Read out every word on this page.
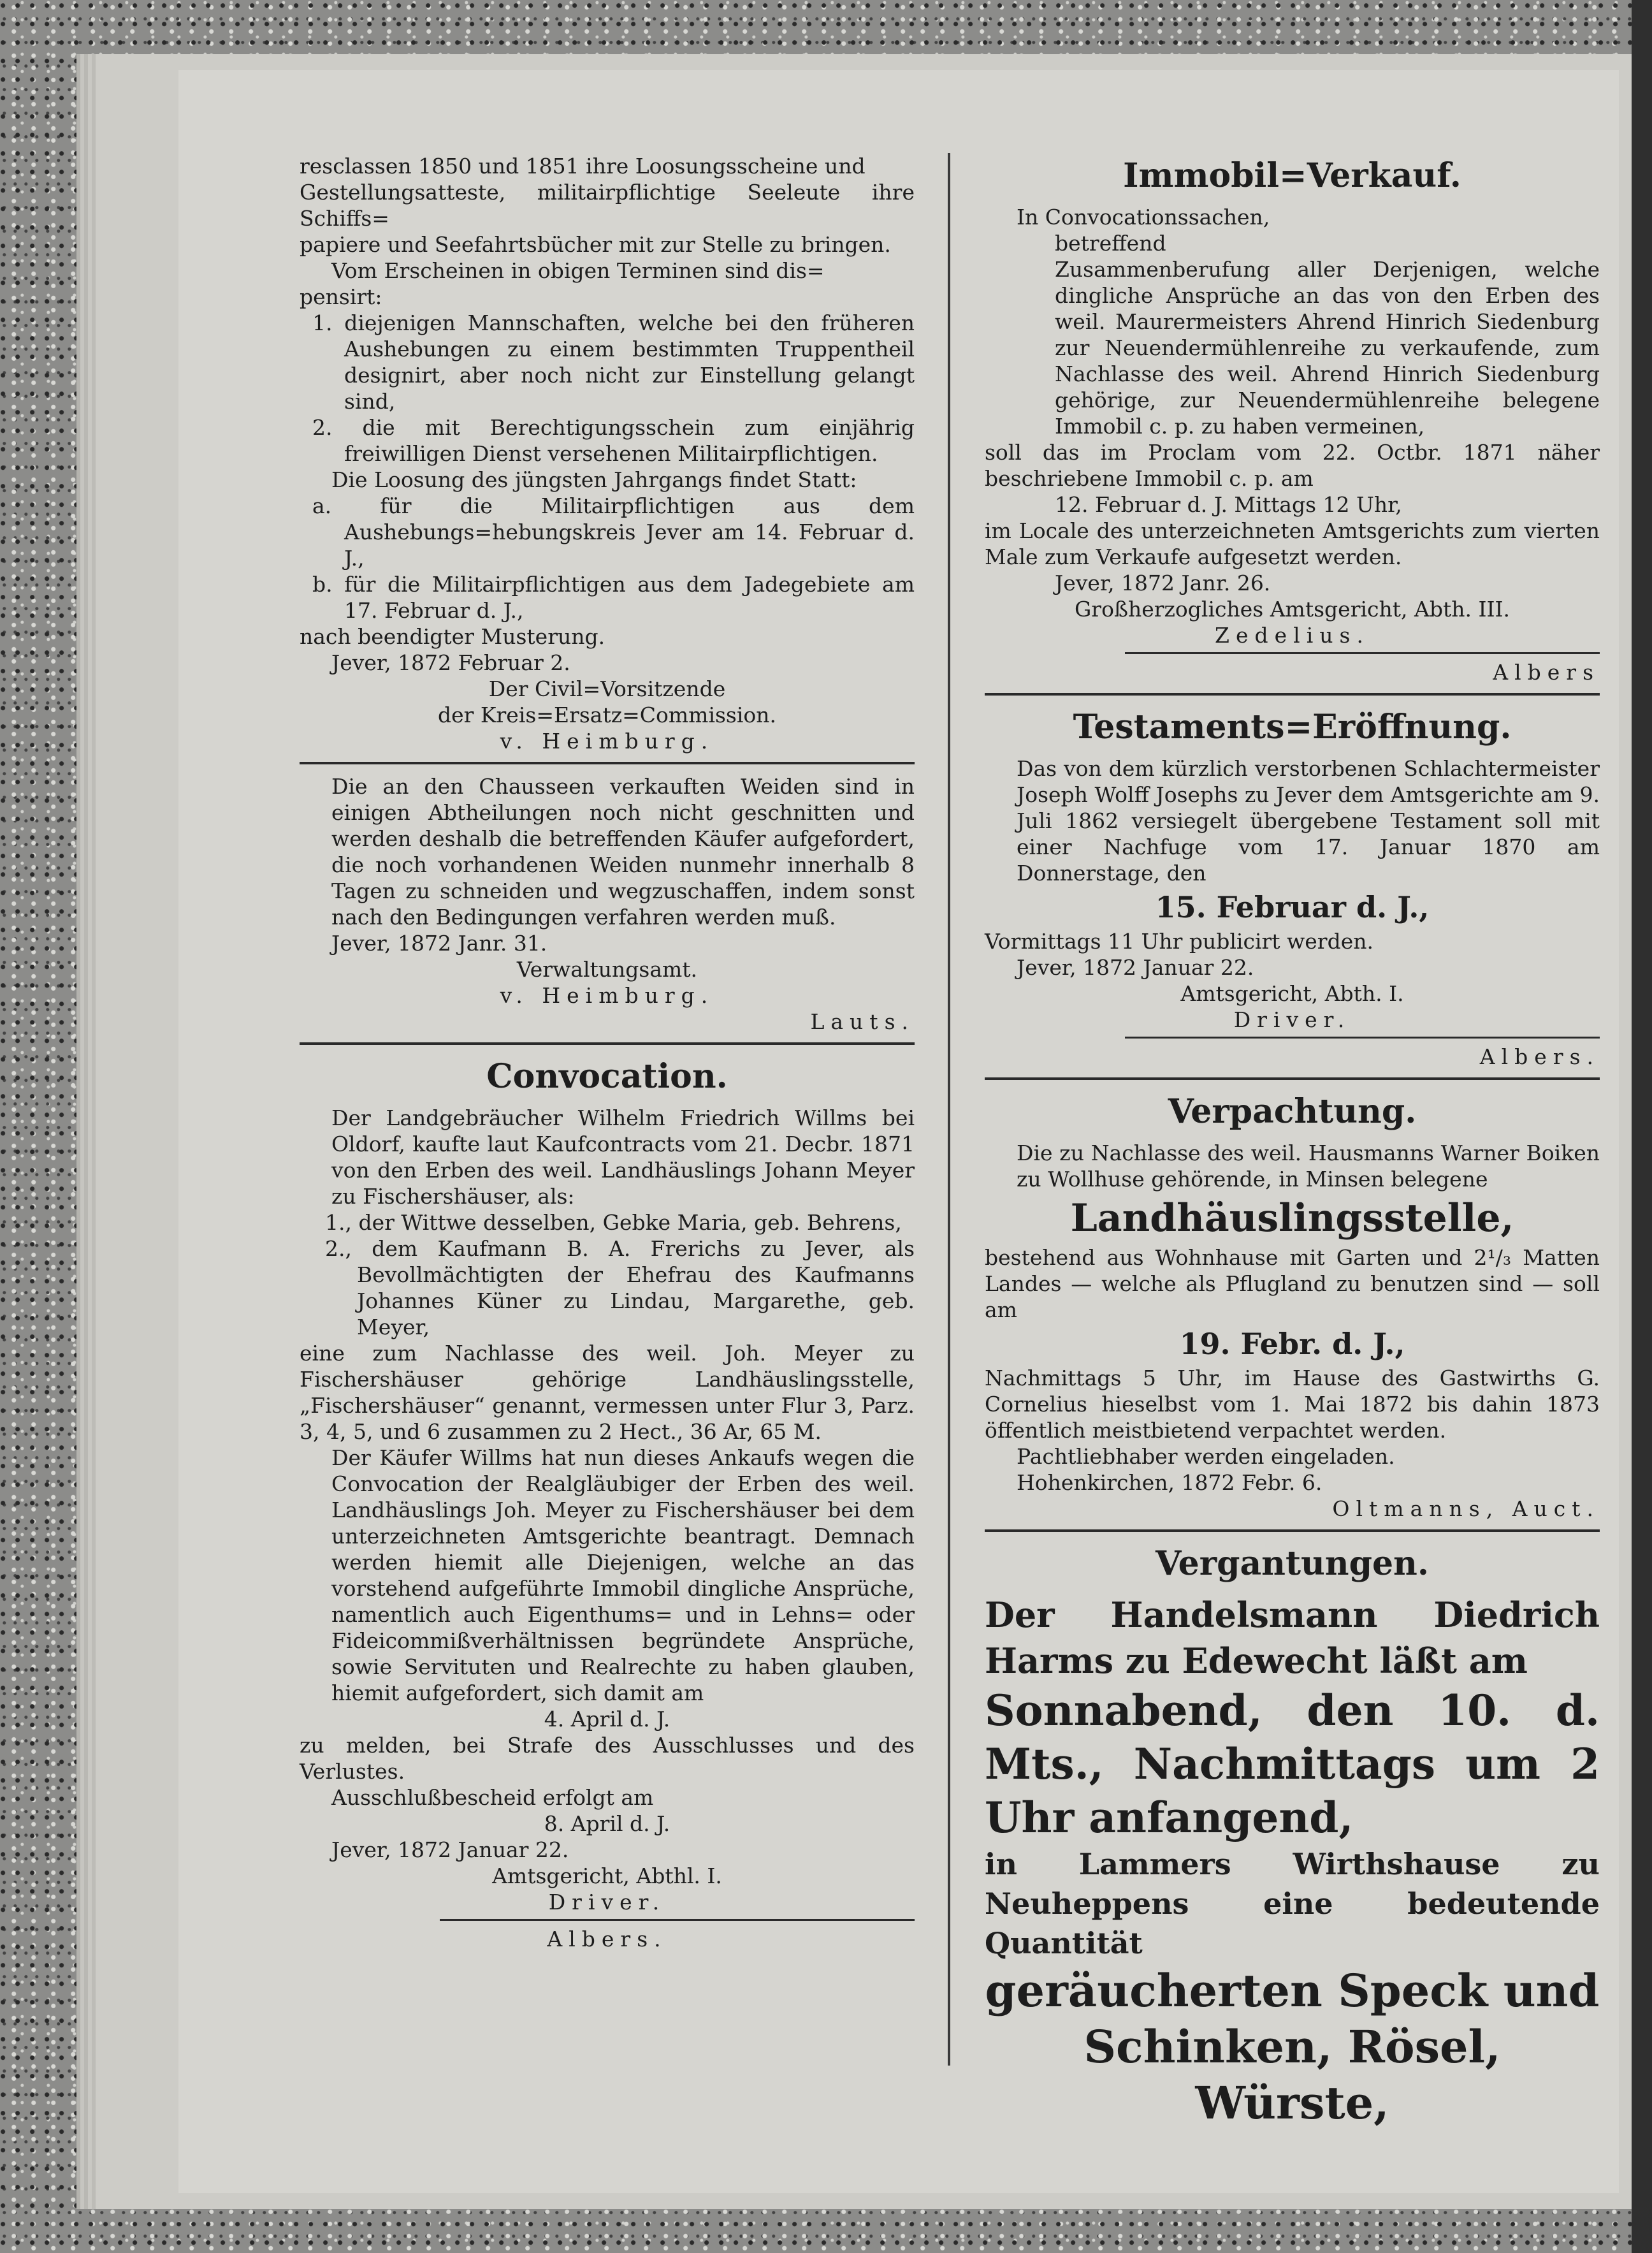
resclassen 1850 und 1851 ihre Loosungsscheine und

Gestellungsatteste, militairpflichtige Seeleute ihre Schiffs=

papiere und Seefahrtsbücher mit zur Stelle zu bringen.

Vom Erscheinen in obigen Terminen sind dis=

pensirt:

1. diejenigen Mannschaften, welche bei den früheren Aushebungen zu einem bestimmten Truppentheil designirt, aber noch nicht zur Einstellung gelangt sind,

2. die mit Berechtigungsschein zum einjährig freiwilligen Dienst versehenen Militairpflichtigen.

Die Loosung des jüngsten Jahrgangs findet Statt:

a. für die Militairpflichtigen aus dem Aushebungs=hebungskreis Jever am 14. Februar d. J.,

b. für die Militairpflichtigen aus dem Jadegebiete am 17. Februar d. J.,

nach beendigter Musterung.

Jever, 1872 Februar 2.

Der Civil=Vorsitzende

der Kreis=Ersatz=Commission.

v. Heimburg.

Die an den Chausseen verkauften Weiden sind in einigen Abtheilungen noch nicht geschnitten und werden deshalb die betreffenden Käufer aufgefordert, die noch vorhandenen Weiden nunmehr innerhalb 8 Tagen zu schneiden und wegzuschaffen, indem sonst nach den Bedingungen verfahren werden muß.

Jever, 1872 Janr. 31.

Verwaltungsamt.

v. Heimburg.

Lauts.

Convocation.

Der Landgebräucher Wilhelm Friedrich Willms bei Oldorf, kaufte laut Kaufcontracts vom 21. Decbr. 1871 von den Erben des weil. Landhäuslings Johann Meyer zu Fischershäuser, als:

1., der Wittwe desselben, Gebke Maria, geb. Behrens,

2., dem Kaufmann B. A. Frerichs zu Jever, als Bevollmächtigten der Ehefrau des Kaufmanns Johannes Küner zu Lindau, Margarethe, geb. Meyer,

eine zum Nachlasse des weil. Joh. Meyer zu Fischershäuser gehörige Landhäuslingsstelle, „Fischershäuser“ genannt, vermessen unter Flur 3, Parz. 3, 4, 5, und 6 zusammen zu 2 Hect., 36 Ar, 65 M.

Der Käufer Willms hat nun dieses Ankaufs wegen die Convocation der Realgläubiger der Erben des weil. Landhäuslings Joh. Meyer zu Fischershäuser bei dem unterzeichneten Amtsgerichte beantragt. Demnach werden hiemit alle Diejenigen, welche an das vorstehend aufgeführte Immobil dingliche Ansprüche, namentlich auch Eigenthums= und in Lehns= oder Fideicommißverhältnissen begründete Ansprüche, sowie Servituten und Realrechte zu haben glauben, hiemit aufgefordert, sich damit am

4. April d. J.

zu melden, bei Strafe des Ausschlusses und des Verlustes.

Ausschlußbescheid erfolgt am

8. April d. J.

Jever, 1872 Januar 22.

Amtsgericht, Abthl. I.

Driver.

Albers.

Immobil=Verkauf.

In Convocationssachen,

betreffend

Zusammenberufung aller Derjenigen, welche dingliche Ansprüche an das von den Erben des weil. Maurermeisters Ahrend Hinrich Siedenburg zur Neuendermühlenreihe zu verkaufende, zum Nachlasse des weil. Ahrend Hinrich Siedenburg gehörige, zur Neuendermühlenreihe belegene Immobil c. p. zu haben vermeinen,

soll das im Proclam vom 22. Octbr. 1871 näher beschriebene Immobil c. p. am

12. Februar d. J. Mittags 12 Uhr,

im Locale des unterzeichneten Amtsgerichts zum vierten Male zum Verkaufe aufgesetzt werden.

Jever, 1872 Janr. 26.

Großherzogliches Amtsgericht, Abth. III.

Zedelius.

Albers

Testaments=Eröffnung.

Das von dem kürzlich verstorbenen Schlachtermeister Joseph Wolff Josephs zu Jever dem Amtsgerichte am 9. Juli 1862 versiegelt übergebene Testament soll mit einer Nachfuge vom 17. Januar 1870 am Donnerstage, den

15. Februar d. J.,

Vormittags 11 Uhr publicirt werden.

Jever, 1872 Januar 22.

Amtsgericht, Abth. I.

Driver.

Albers.

Verpachtung.

Die zu Nachlasse des weil. Hausmanns Warner Boiken zu Wollhuse gehörende, in Minsen belegene

Landhäuslingsstelle,

bestehend aus Wohnhause mit Garten und 2¹/₃ Matten Landes — welche als Pflugland zu benutzen sind — soll am

19. Febr. d. J.,

Nachmittags 5 Uhr, im Hause des Gastwirths G. Cornelius hieselbst vom 1. Mai 1872 bis dahin 1873 öffentlich meistbietend verpachtet werden.

Pachtliebhaber werden eingeladen.

Hohenkirchen, 1872 Febr. 6.

Oltmanns, Auct.

Vergantungen.

Der Handelsmann Diedrich Harms zu Edewecht läßt am

Sonnabend, den 10. d. Mts., Nachmittags um 2 Uhr anfangend,

in Lammers Wirthshause zu Neuheppens eine bedeutende Quantität

geräucherten Speck und Schinken, Rösel, Würste,
